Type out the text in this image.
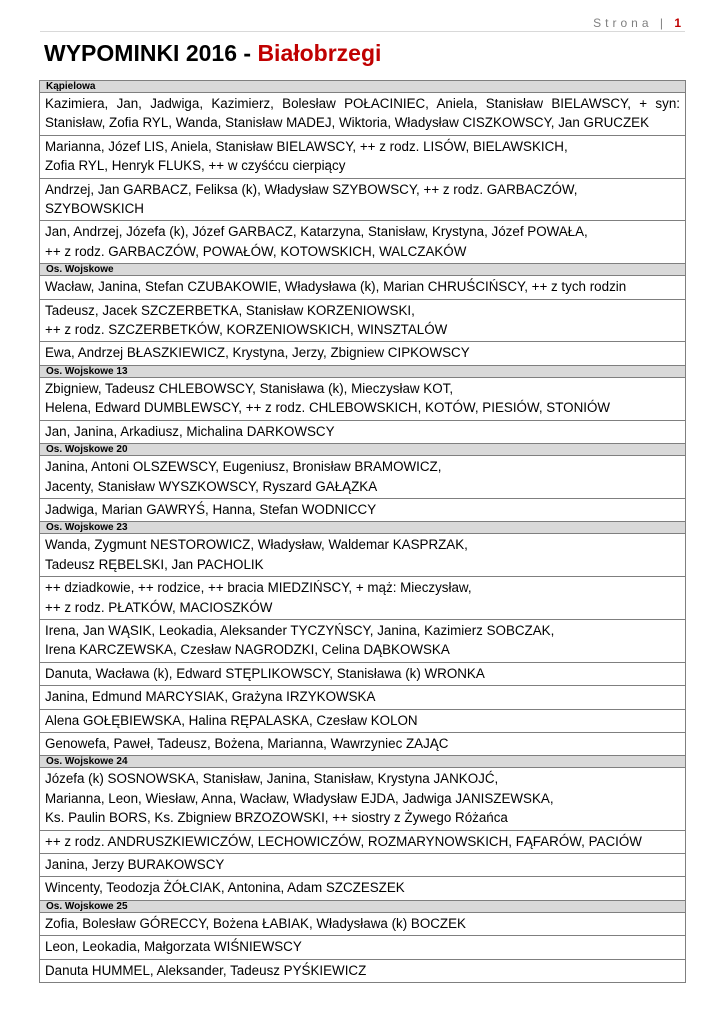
Strona | 1
WYPOMINKI 2016 - Białobrzegi
Kąpielowa
Kazimiera, Jan, Jadwiga, Kazimierz, Bolesław POŁACINIEC, Aniela, Stanisław BIELAWSCY, + syn: Stanisław, Zofia RYL, Wanda, Stanisław MADEJ, Wiktoria, Władysław CISZKOWSCY, Jan GRUCZEK
Marianna, Józef LIS, Aniela, Stanisław BIELAWSCY, ++ z rodz. LISÓW, BIELAWSKICH,
Zofia RYL, Henryk FLUKS, ++ w czyśćcu cierpiący
Andrzej, Jan GARBACZ, Feliksa (k), Władysław SZYBOWSCY, ++ z rodz. GARBACZÓW, SZYBOWSKICH
Jan, Andrzej, Józefa (k), Józef GARBACZ, Katarzyna, Stanisław, Krystyna, Józef POWAŁA,
++ z rodz. GARBACZÓW, POWAŁÓW, KOTOWSKICH, WALCZAKÓW
Os. Wojskowe
Wacław, Janina, Stefan CZUBAKOWIE, Władysława (k), Marian CHRUŚCIŃSCY, ++ z tych rodzin
Tadeusz, Jacek SZCZERBETKA, Stanisław KORZENIOWSKI,
++ z rodz. SZCZERBETKÓW, KORZENIOWSKICH, WINSZTALÓW
Ewa, Andrzej BŁASZKIEWICZ, Krystyna, Jerzy, Zbigniew CIPKOWSCY
Os. Wojskowe 13
Zbigniew, Tadeusz CHLEBOWSCY, Stanisława (k), Mieczysław KOT,
Helena, Edward DUMBLEWSCY, ++ z rodz. CHLEBOWSKICH, KOTÓW, PIESIÓW, STONIÓW
Jan, Janina, Arkadiusz, Michalina DARKOWSCY
Os. Wojskowe 20
Janina, Antoni OLSZEWSCY, Eugeniusz, Bronisław BRAMOWICZ,
Jacenty, Stanisław WYSZKOWSCY, Ryszard GAŁĄZKA
Jadwiga, Marian GAWRYŚ, Hanna, Stefan WODNICCY
Os. Wojskowe 23
Wanda, Zygmunt NESTOROWICZ, Władysław, Waldemar KASPRZAK,
Tadeusz RĘBELSKI, Jan PACHOLIK
++ dziadkowie, ++ rodzice, ++ bracia MIEDZIŃSCY, + mąż: Mieczysław,
++ z rodz. PŁATKÓW, MACIOSZKÓW
Irena, Jan WĄSIK, Leokadia, Aleksander TYCZYŃSCY, Janina, Kazimierz SOBCZAK,
Irena KARCZEWSKA, Czesław NAGRODZKI, Celina DĄBKOWSKA
Danuta, Wacława (k), Edward STĘPLIKOWSCY, Stanisława (k) WRONKA
Janina, Edmund MARCYSIAK, Grażyna IRZYKOWSKA
Alena GOŁĘBIEWSKA, Halina RĘPALASKA, Czesław KOLON
Genowefa, Paweł, Tadeusz, Bożena, Marianna, Wawrzyniec ZAJĄC
Os. Wojskowe 24
Józefa (k) SOSNOWSKA, Stanisław, Janina, Stanisław, Krystyna JANKOJĆ,
Marianna, Leon, Wiesław, Anna, Wacław, Władysław EJDA, Jadwiga JANISZEWSKA,
Ks. Paulin BORS, Ks. Zbigniew BRZOZOWSKI, ++ siostry z Żywego Różańca
++ z rodz. ANDRUSZKIEWICZÓW, LECHOWICZÓW, ROZMARYNOWSKICH, FĄFARÓW, PACIÓW
Janina, Jerzy BURAKOWSCY
Wincenty, Teodozja ŻÓŁCIAK, Antonina, Adam SZCZESZEK
Os. Wojskowe 25
Zofia, Bolesław GÓRECCY, Bożena ŁABIAK, Władysława (k) BOCZEK
Leon, Leokadia, Małgorzata WIŚNIEWSCY
Danuta HUMMEL, Aleksander, Tadeusz PYŚKIEWICZ
